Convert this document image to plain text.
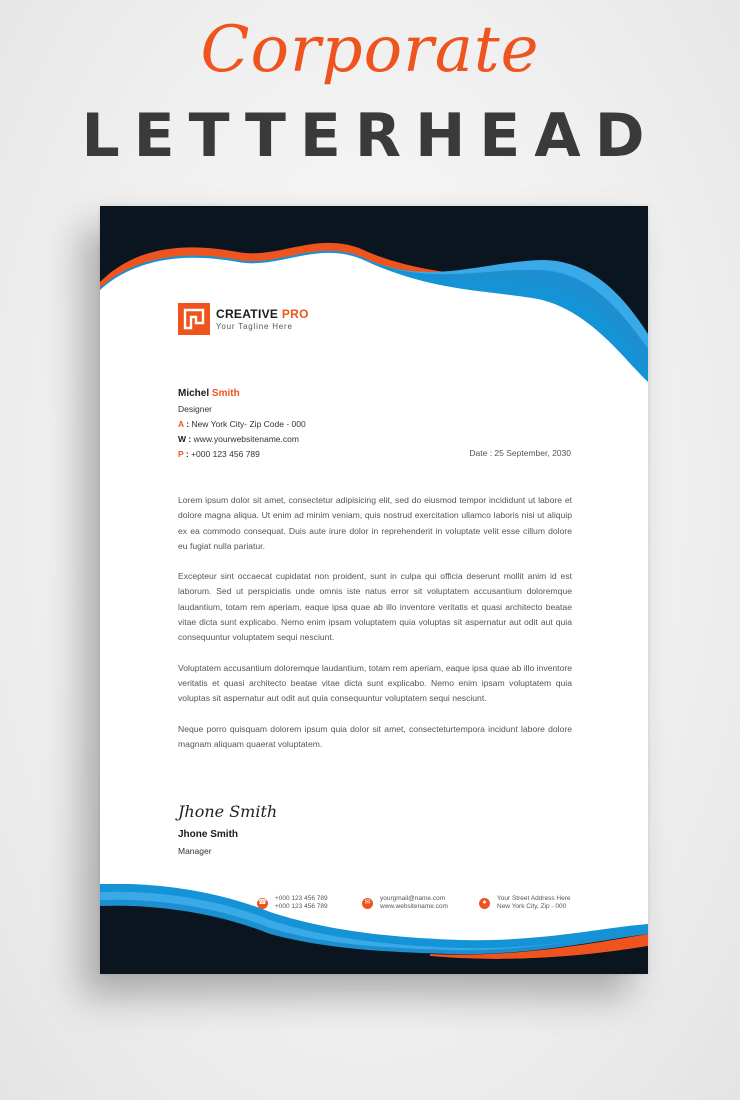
Corporate
LETTERHEAD
CREATIVE PRO
Your Tagline Here
Michel Smith
Designer
A : New York City- Zip Code - 000
W : www.yourwebsitename.com
P : +000 123 456 789	Date : 25 September, 2030

Lorem ipsum dolor sit amet, consectetur adipisicing elit, sed do eiusmod tempor incididunt ut labore et dolore magna aliqua. Ut enim ad minim veniam, quis nostrud exercitation ullamco laboris nisi ut aliquip ex ea commodo consequat. Duis aute irure dolor in reprehenderit in voluptate velit esse cillum dolore eu fugiat nulla pariatur.

Excepteur sint occaecat cupidatat non proident, sunt in culpa qui officia deserunt mollit anim id est laborum. Sed ut perspiciatis unde omnis iste natus error sit voluptatem accusantium doloremque laudantium, totam rem aperiam, eaque ipsa quae ab illo inventore veritatis et quasi architecto beatae vitae dicta sunt explicabo. Nemo enim ipsam voluptatem quia voluptas sit aspernatur aut odit aut quia consequuntur voluptatem sequi nesciunt.

Voluptatem accusantium doloremque laudantium, totam rem aperiam, eaque ipsa quae ab illo inventore veritatis et quasi architecto beatae vitae dicta sunt explicabo. Nemo enim ipsam voluptatem quia voluptas sit aspernatur aut odit aut quia consequuntur voluptatem sequi nesciunt.

Neque porro quisquam dolorem ipsum quia dolor sit amet, consecteturtempora incidunt labore dolore magnam aliquam quaerat voluptatem.

Jhone Smith
Jhone Smith
Manager
☎
+000 123 456 789
+000 123 456 789
✉
yourgmail@name.com
www.websitename.com
●
Your Street Address Here
New York City, Zip - 000
